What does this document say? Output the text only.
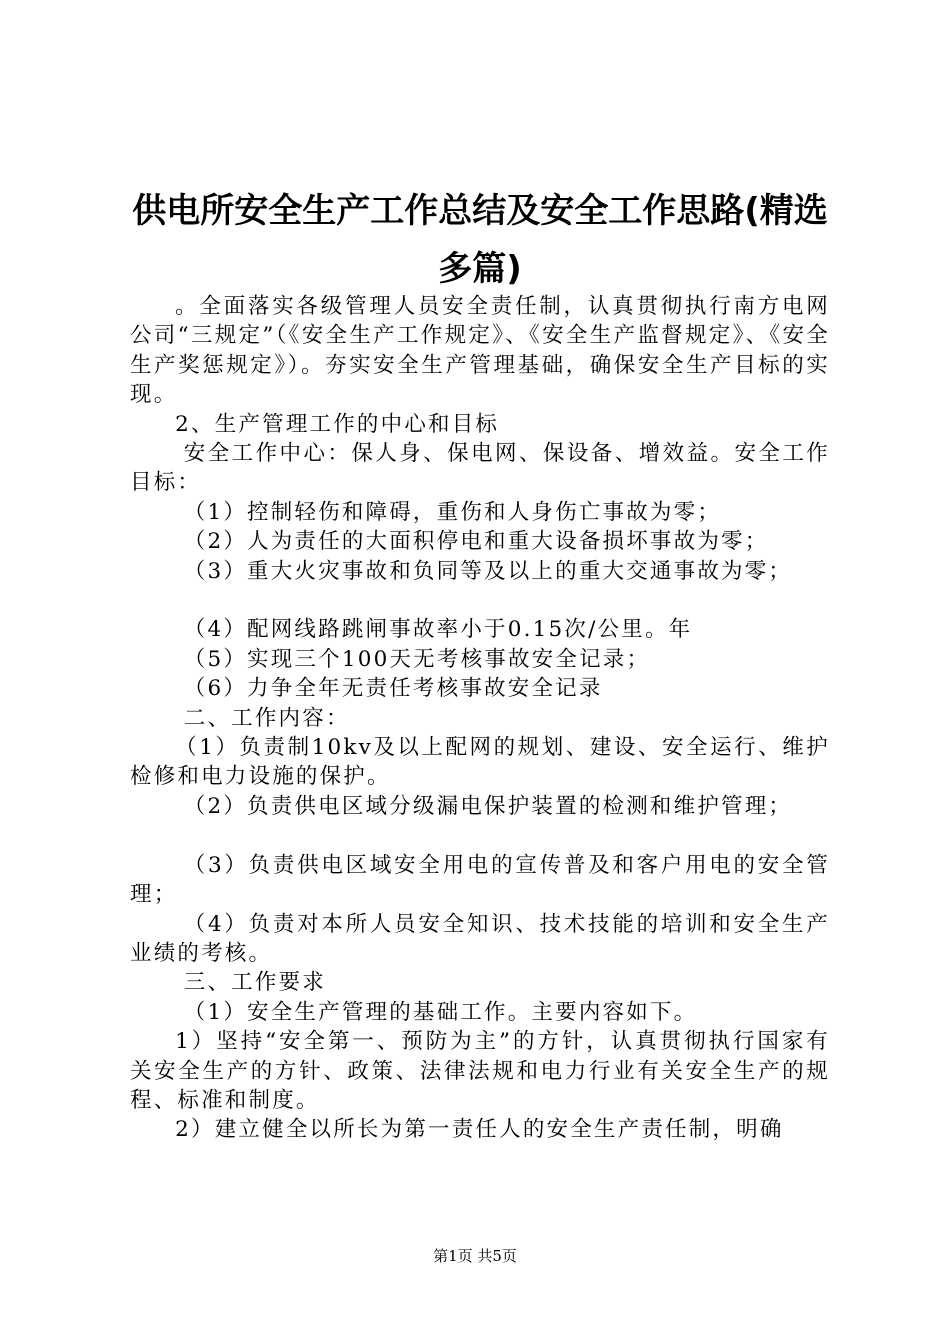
供电所安全生产工作总结及安全工作思路(精选多篇)

。全面落实各级管理人员安全责任制，认真贯彻执行南方电网公司“三规定”（《安全生产工作规定》、《安全生产监督规定》、《安全生产奖惩规定》）。夯实安全生产管理基础，确保安全生产目标的实现。

2、生产管理工作的中心和目标

安全工作中心：保人身、保电网、保设备、增效益。安全工作目标：

（1）控制轻伤和障碍，重伤和人身伤亡事故为零；

（2）人为责任的大面积停电和重大设备损坏事故为零；

（3）重大火灾事故和负同等及以上的重大交通事故为零；

（4）配网线路跳闸事故率小于0.15次/公里。年

（5）实现三个100天无考核事故安全记录；

（6）力争全年无责任考核事故安全记录

二、工作内容：

（1）负责制10kv及以上配网的规划、建设、安全运行、维护检修和电力设施的保护。

（2）负责供电区域分级漏电保护装置的检测和维护管理；

（3）负责供电区域安全用电的宣传普及和客户用电的安全管理；

（4）负责对本所人员安全知识、技术技能的培训和安全生产业绩的考核。

三、工作要求

（1）安全生产管理的基础工作。主要内容如下。

1）坚持“安全第一、预防为主”的方针，认真贯彻执行国家有关安全生产的方针、政策、法律法规和电力行业有关安全生产的规程、标准和制度。

2）建立健全以所长为第一责任人的安全生产责任制，明确

第1页 共5页
